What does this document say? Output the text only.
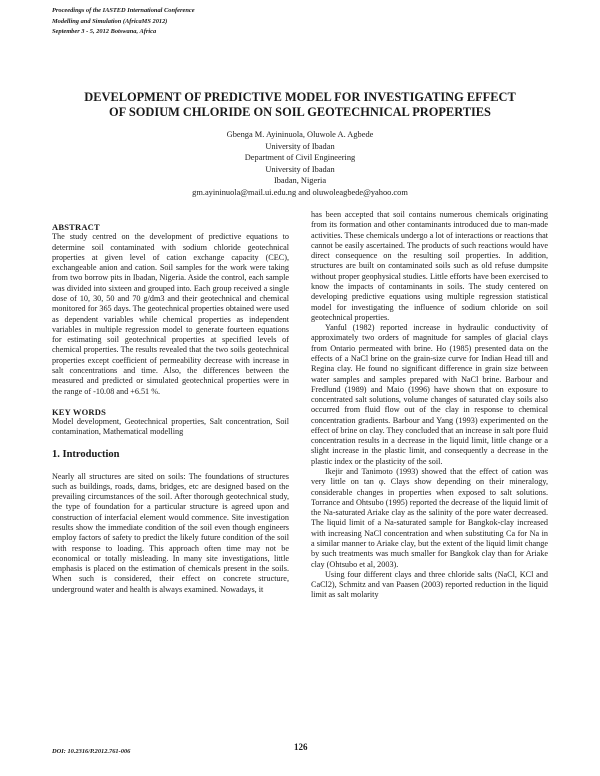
Proceedings of the IASTED International Conference
Modelling and Simulation (AfricaMS 2012)
September 3 - 5, 2012 Botswana, Africa
DEVELOPMENT OF PREDICTIVE MODEL FOR INVESTIGATING EFFECT
OF SODIUM CHLORIDE ON SOIL GEOTECHNICAL PROPERTIES
Gbenga M. Ayininuola, Oluwole A. Agbede
University of Ibadan
Department of Civil Engineering
University of Ibadan
Ibadan, Nigeria
gm.ayininuola@mail.ui.edu.ng and oluwoleagbede@yahoo.com
ABSTRACT

The study centred on the development of predictive equations to determine soil contaminated with sodium chloride geotechnical properties at given level of cation exchange capacity (CEC), exchangeable anion and cation. Soil samples for the work were taking from two borrow pits in Ibadan, Nigeria. Aside the control, each sample was divided into sixteen and grouped into. Each group received a single dose of 10, 30, 50 and 70 g/dm3 and their geotechnical and chemical monitored for 365 days. The geotechnical properties obtained were used as dependent variables while chemical properties as independent variables in multiple regression model to generate fourteen equations for estimating soil geotechnical properties at specified levels of chemical properties. The results revealed that the two soils geotechnical properties except coefficient of permeability decrease with increase in salt concentrations and time. Also, the differences between the measured and predicted or simulated geotechnical properties were in the range of -10.08 and +6.51 %.

KEY WORDS

Model development, Geotechnical properties, Salt concentration, Soil contamination, Mathematical modelling

1. Introduction

Nearly all structures are sited on soils: The foundations of structures such as buildings, roads, dams, bridges, etc are designed based on the prevailing circumstances of the soil. After thorough geotechnical study, the type of foundation for a particular structure is agreed upon and construction of interfacial element would commence. Site investigation results show the immediate condition of the soil even though engineers employ factors of safety to predict the likely future condition of the soil with response to loading. This approach often time may not be economical or totally misleading. In many site investigations, little emphasis is placed on the estimation of chemicals present in the soils. When such is considered, their effect on concrete structure, underground water and health is always examined. Nowadays, it

has been accepted that soil contains numerous chemicals originating from its formation and other contaminants introduced due to man-made activities. These chemicals undergo a lot of interactions or reactions that cannot be easily ascertained. The products of such reactions would have direct consequence on the resulting soil properties. In addition, structures are built on contaminated soils such as old refuse dumpsite without proper geophysical studies. Little efforts have been exercised to know the impacts of contaminants in soils. The study centered on developing predictive equations using multiple regression statistical model for investigating the influence of sodium chloride on soil geotechnical properties.

Yanful (1982) reported increase in hydraulic conductivity of approximately two orders of magnitude for samples of glacial clays from Ontario permeated with brine. Ho (1985) presented data on the effects of a NaCl brine on the grain-size curve for Indian Head till and Regina clay. He found no significant difference in grain size between water samples and samples prepared with NaCl brine. Barbour and Fredlund (1989) and Maio (1996) have shown that on exposure to concentrated salt solutions, volume changes of saturated clay soils also occurred from fluid flow out of the clay in response to chemical concentration gradients. Barbour and Yang (1993) experimented on the effect of brine on clay. They concluded that an increase in salt pore fluid concentration results in a decrease in the liquid limit, little change or a slight increase in the plastic limit, and consequently a decrease in the plastic index or the plasticity of the soil.

Ikejir and Tanimoto (1993) showed that the effect of cation was very little on tan φ. Clays show depending on their mineralogy, considerable changes in properties when exposed to salt solutions. Torrance and Ohtsubo (1995) reported the decrease of the liquid limit of the Na-saturated Ariake clay as the salinity of the pore water decreased. The liquid limit of a Na-saturated sample for Bangkok-clay increased with increasing NaCl concentration and when substituting Ca for Na in a similar manner to Ariake clay, but the extent of the liquid limit change by such treatments was much smaller for Bangkok clay than for Ariake clay (Ohtsubo et al, 2003).

Using four different clays and three chloride salts (NaCl, KCl and CaCl2), Schmitz and van Paasen (2003) reported reduction in the liquid limit as salt molarity

DOI: 10.2316/P.2012.761-006	126
